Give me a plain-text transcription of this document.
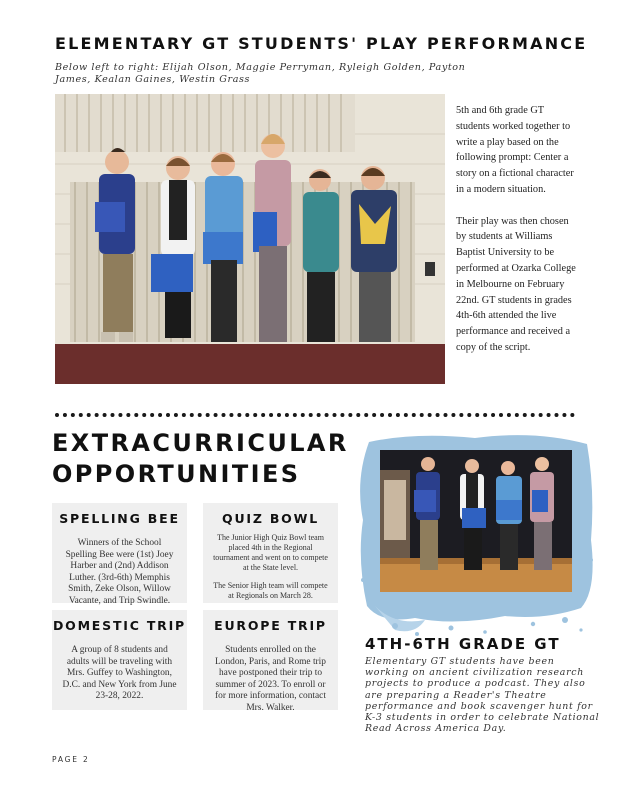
ELEMENTARY GT STUDENTS' PLAY PERFORMANCE
Below left to right: Elijah Olson, Maggie Perryman, Ryleigh Golden, Payton James, Kealan Gaines, Westin Grass

5th and 6th grade GT students worked together to write a play based on the following prompt: Center a story on a fictional character in a modern situation.

Their play was then chosen by students at Williams Baptist University to be performed at Ozarka College in Melbourne on February 22nd. GT students in grades 4th-6th attended the live performance and received a copy of the script.

EXTRACURRICULAR OPPORTUNITIES
SPELLING BEE
Winners of the School Spelling Bee were (1st) Joey Harber and (2nd) Addison Luther. (3rd-6th) Memphis Smith, Zeke Olson, Willow Vacante, and Trip Swindle.
QUIZ BOWL
The Junior High Quiz Bowl team placed 4th in the Regional tournament and went on to compete at the State level.
The Senior High team will compete at Regionals on March 28.
DOMESTIC TRIP
A group of 8 students and adults will be traveling with Mrs. Guffey to Washington, D.C. and New York from June 23-28, 2022.
EUROPE TRIP
Students enrolled on the London, Paris, and Rome trip have postponed their trip to summer of 2023. To enroll or for more information, contact Mrs. Walker.
4TH-6TH GRADE GT
Elementary GT students have been working on ancient civilization research projects to produce a podcast. They also are preparing a Reader's Theatre performance and book scavenger hunt for K-3 students in order to celebrate National Read Across America Day.
PAGE 2
